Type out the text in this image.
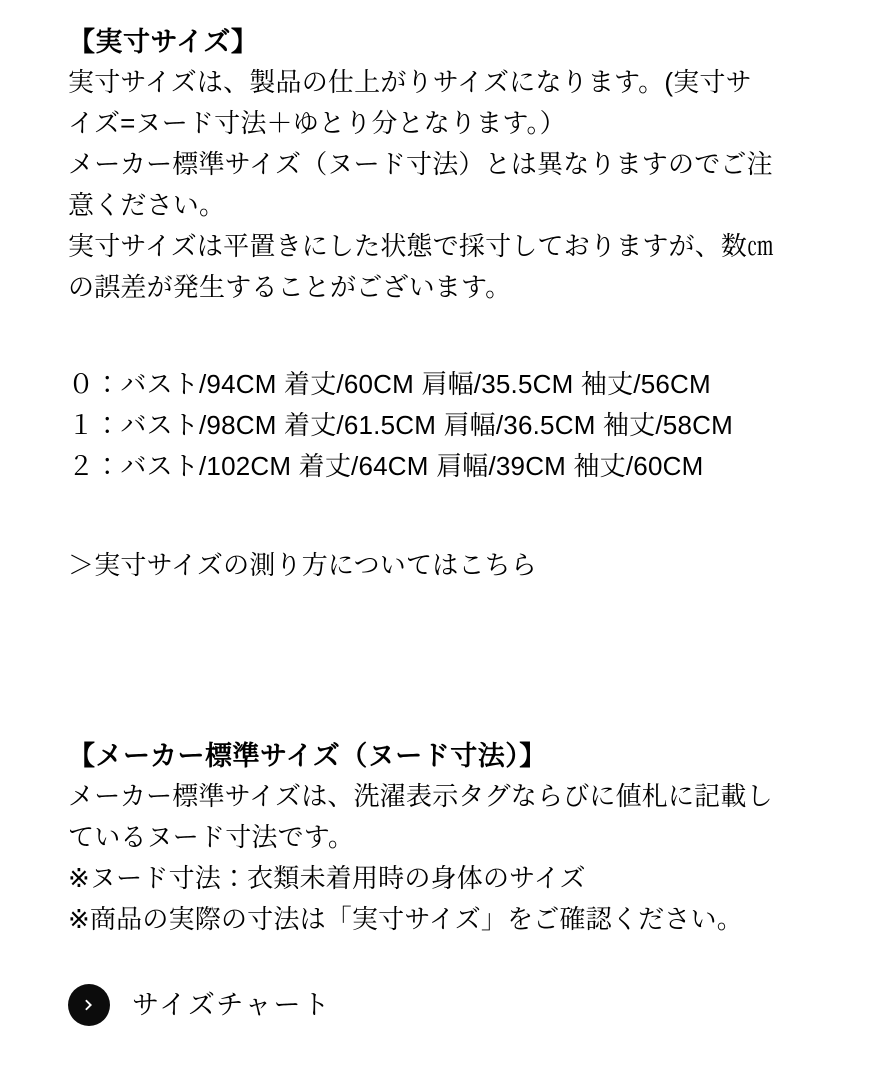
【実寸サイズ】
実寸サイズは、製品の仕上がりサイズになります。(実寸サ
イズ=ヌード寸法＋ゆとり分となります。）
メーカー標準サイズ（ヌード寸法）とは異なりますのでご注
意ください。
実寸サイズは平置きにした状態で採寸しておりますが、数㎝
の誤差が発生することがございます。
０：バスト/94CM 着丈/60CM 肩幅/35.5CM 袖丈/56CM
１：バスト/98CM 着丈/61.5CM 肩幅/36.5CM 袖丈/58CM
２：バスト/102CM 着丈/64CM 肩幅/39CM 袖丈/60CM
＞実寸サイズの測り方についてはこちら
【メーカー標準サイズ（ヌード寸法）】
メーカー標準サイズは、洗濯表示タグならびに値札に記載し
ているヌード寸法です。
※ヌード寸法：衣類未着用時の身体のサイズ
※商品の実際の寸法は「実寸サイズ」をご確認ください。
サイズチャート
